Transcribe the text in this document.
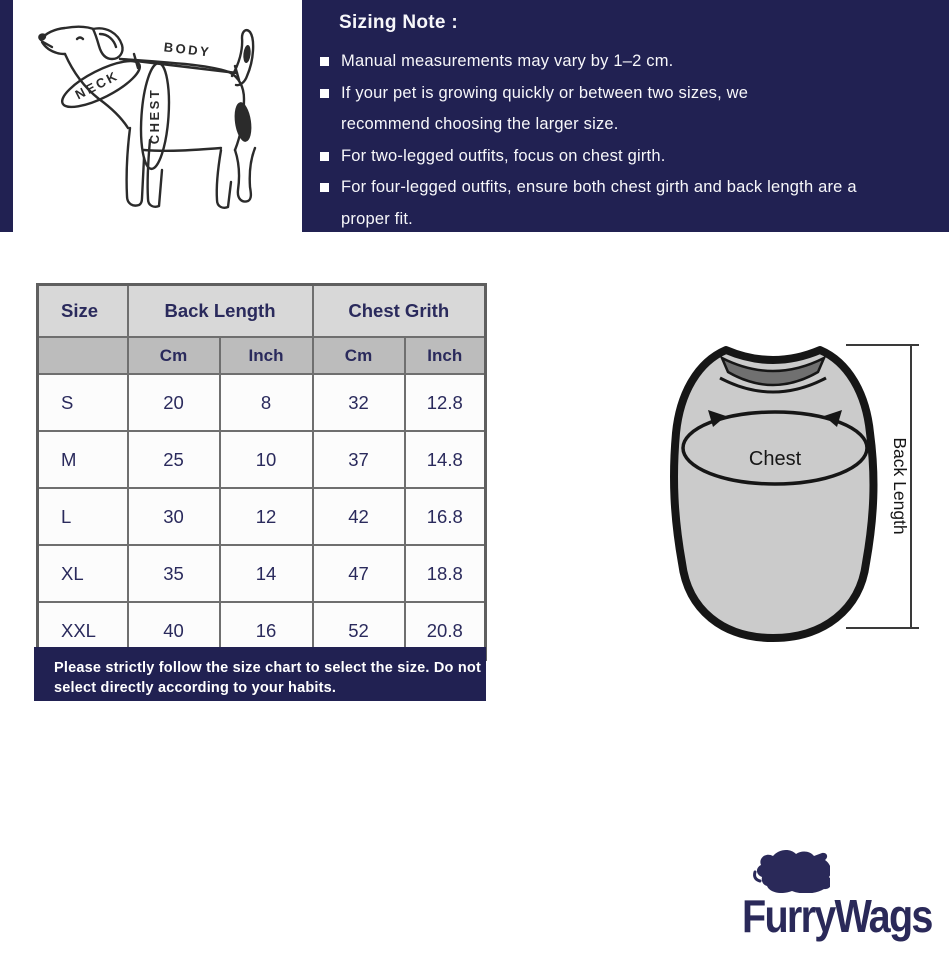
NECK
CHEST
BODY
Sizing Note :
Manual measurements may vary by 1–2 cm.
If your pet is growing quickly or between two sizes, we
recommend choosing the larger size.
For two-legged outfits, focus on chest girth.
For four-legged outfits, ensure both chest girth and back length are a
proper fit.
Size	Back Length		Chest Grith	
	Cm	Inch	Cm	Inch
S	20	8	32	12.8
M	25	10	37	14.8
L	30	12	42	16.8
XL	35	14	47	18.8
XXL	40	16	52	20.8
Please strictly follow the size chart to select the size. Do not
select directly according to your habits.
Chest	Back Length
FurryWags
